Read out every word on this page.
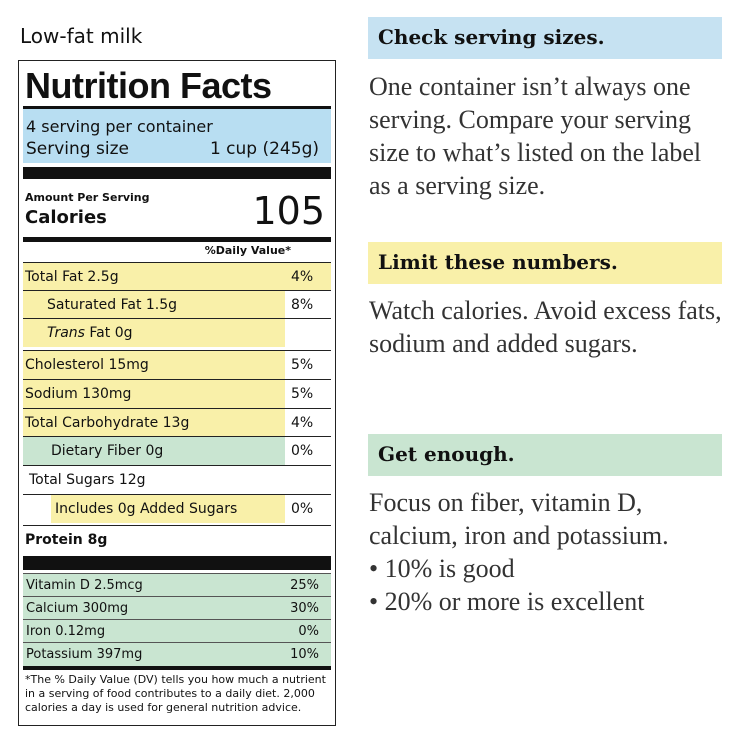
Low-fat milk
Nutrition Facts
4 serving per container
Serving size	1 cup (245g)
Amount Per Serving
Calories	105
%Daily Value*
Total Fat 2.5g	4%
Saturated Fat 1.5g	8%
Trans Fat 0g
Cholesterol 15mg	5%
Sodium 130mg	5%
Total Carbohydrate 13g	4%
Dietary Fiber 0g	0%
Total Sugars 12g
Includes 0g Added Sugars	0%
Protein 8g
Vitamin D 2.5mcg	25%
Calcium 300mg	30%
Iron 0.12mg	0%
Potassium 397mg	10%
*The % Daily Value (DV) tells you how much a nutrient in a serving of food contributes to a daily diet. 2,000 calories a day is used for general nutrition advice.
Check serving sizes.
One container isn’t always one serving. Compare your serving size to what’s listed on the label as a serving size.
Limit these numbers.
Watch calories. Avoid excess fats, sodium and added sugars.
Get enough.
Focus on fiber, vitamin D, calcium, iron and potassium.
• 10% is good
• 20% or more is excellent
